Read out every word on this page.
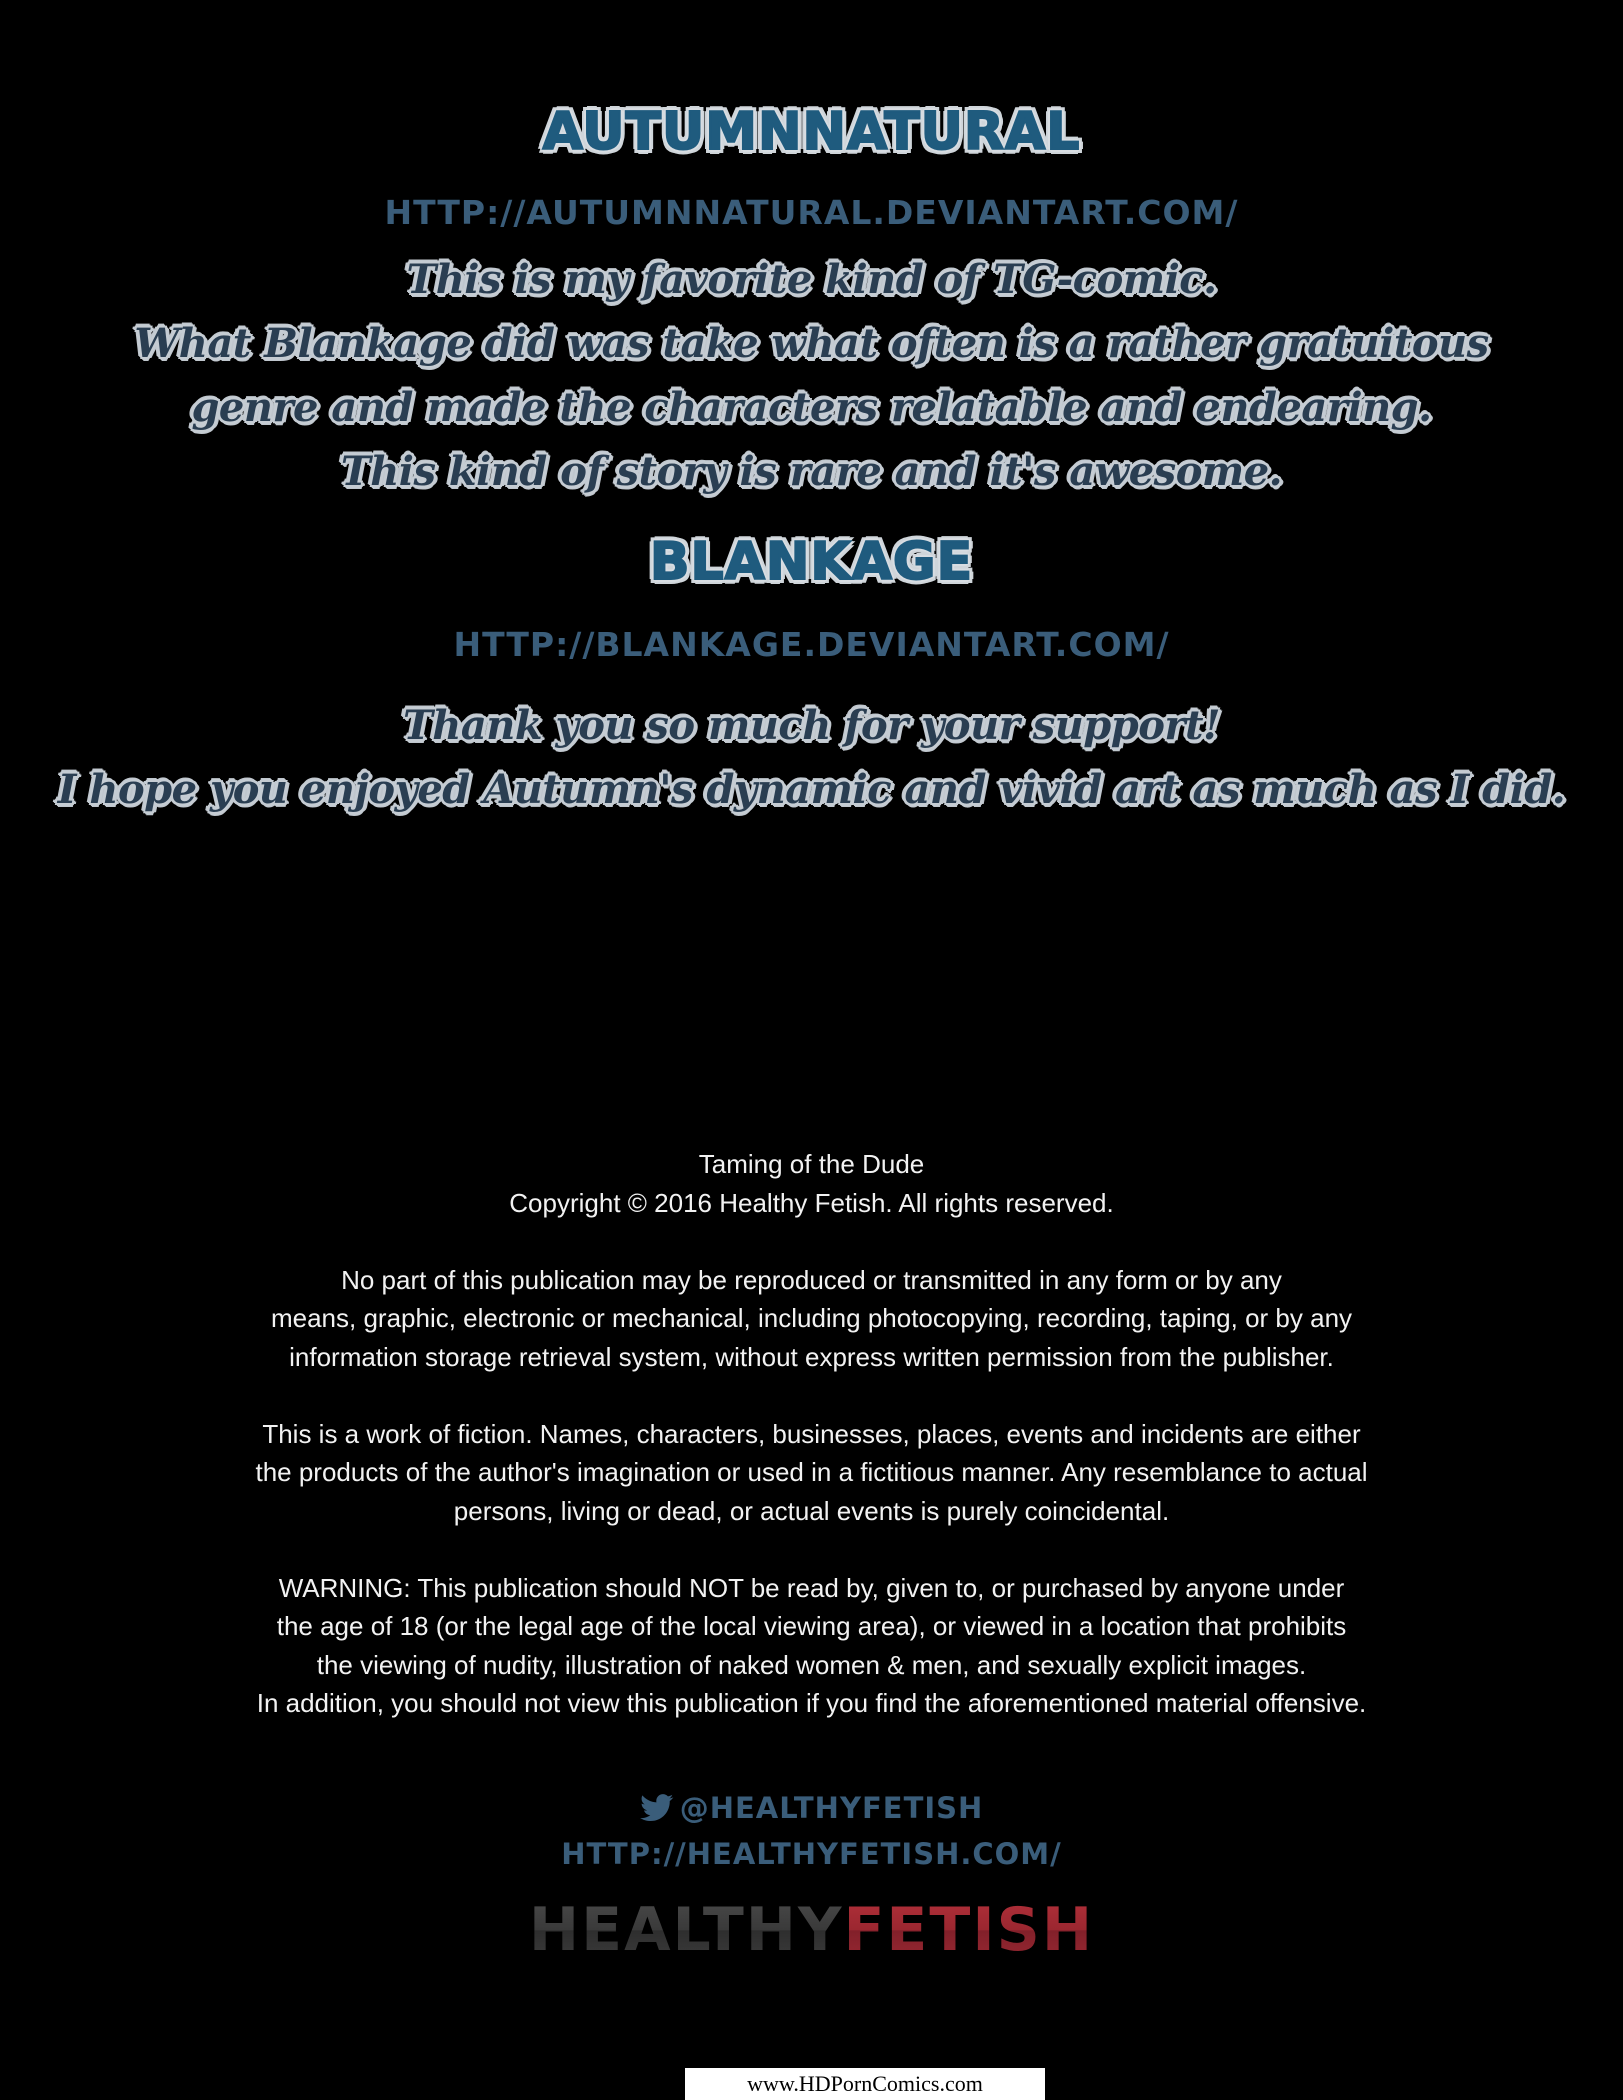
AUTUMNNATURAL
HTTP://AUTUMNNATURAL.DEVIANTART.COM/
This is my favorite kind of TG-comic.
What Blankage did was take what often is a rather gratuitous
genre and made the characters relatable and endearing.
This kind of story is rare and it's awesome.
BLANKAGE
HTTP://BLANKAGE.DEVIANTART.COM/
Thank you so much for your support!
I hope you enjoyed Autumn's dynamic and vivid art as much as I did.
Taming of the Dude
Copyright © 2016 Healthy Fetish. All rights reserved.
No part of this publication may be reproduced or transmitted in any form or by any
means, graphic, electronic or mechanical, including photocopying, recording, taping, or by any
information storage retrieval system, without express written permission from the publisher.
This is a work of fiction. Names, characters, businesses, places, events and incidents are either
the products of the author's imagination or used in a fictitious manner. Any resemblance to actual
persons, living or dead, or actual events is purely coincidental.
WARNING: This publication should NOT be read by, given to, or purchased by anyone under
the age of 18 (or the legal age of the local viewing area), or viewed in a location that prohibits
the viewing of nudity, illustration of naked women & men, and sexually explicit images.
In addition, you should not view this publication if you find the aforementioned material offensive.
@HEALTHYFETISH
HTTP://HEALTHYFETISH.COM/
HEALTHYFETISH
www.HDPornComics.com
